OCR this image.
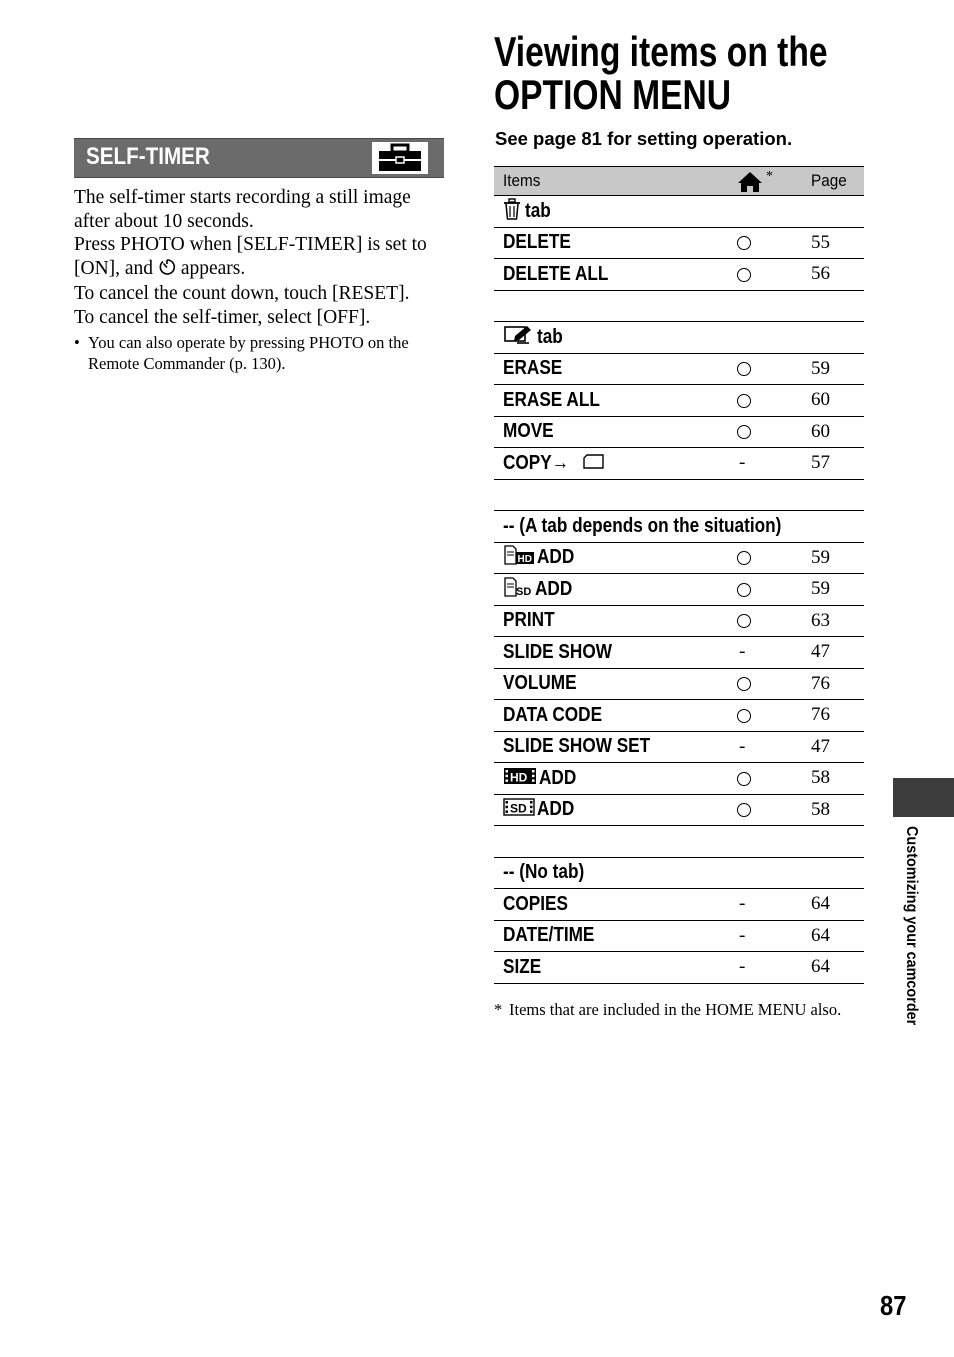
SELF-TIMER

The self-timer starts recording a still image after about 10 seconds.

Press PHOTO when [SELF-TIMER] is set to [ON], and  appears.

To cancel the count down, touch [RESET].

To cancel the self-timer, select [OFF].

• You can also operate by pressing PHOTO on the Remote Commander (p. 130).
Viewing items on the
OPTION MENU
See page 81 for setting operation.
Items	*	Page
tab		
DELETE		55
DELETE ALL		56

tab		
ERASE		59
ERASE ALL		60
MOVE		60
COPY→	-	57

-- (A tab depends on the situation)		

HD ADD		59

SD ADD		59
PRINT		63
SLIDE SHOW	-	47
VOLUME		76
DATA CODE		76
SLIDE SHOW SET	-	47

HD ADD		58

SD ADD		58

-- (No tab)		
COPIES	-	64
DATE/TIME	-	64
SIZE	-	64
* Items that are included in the HOME MENU also.	Customizing your camcorder
87
